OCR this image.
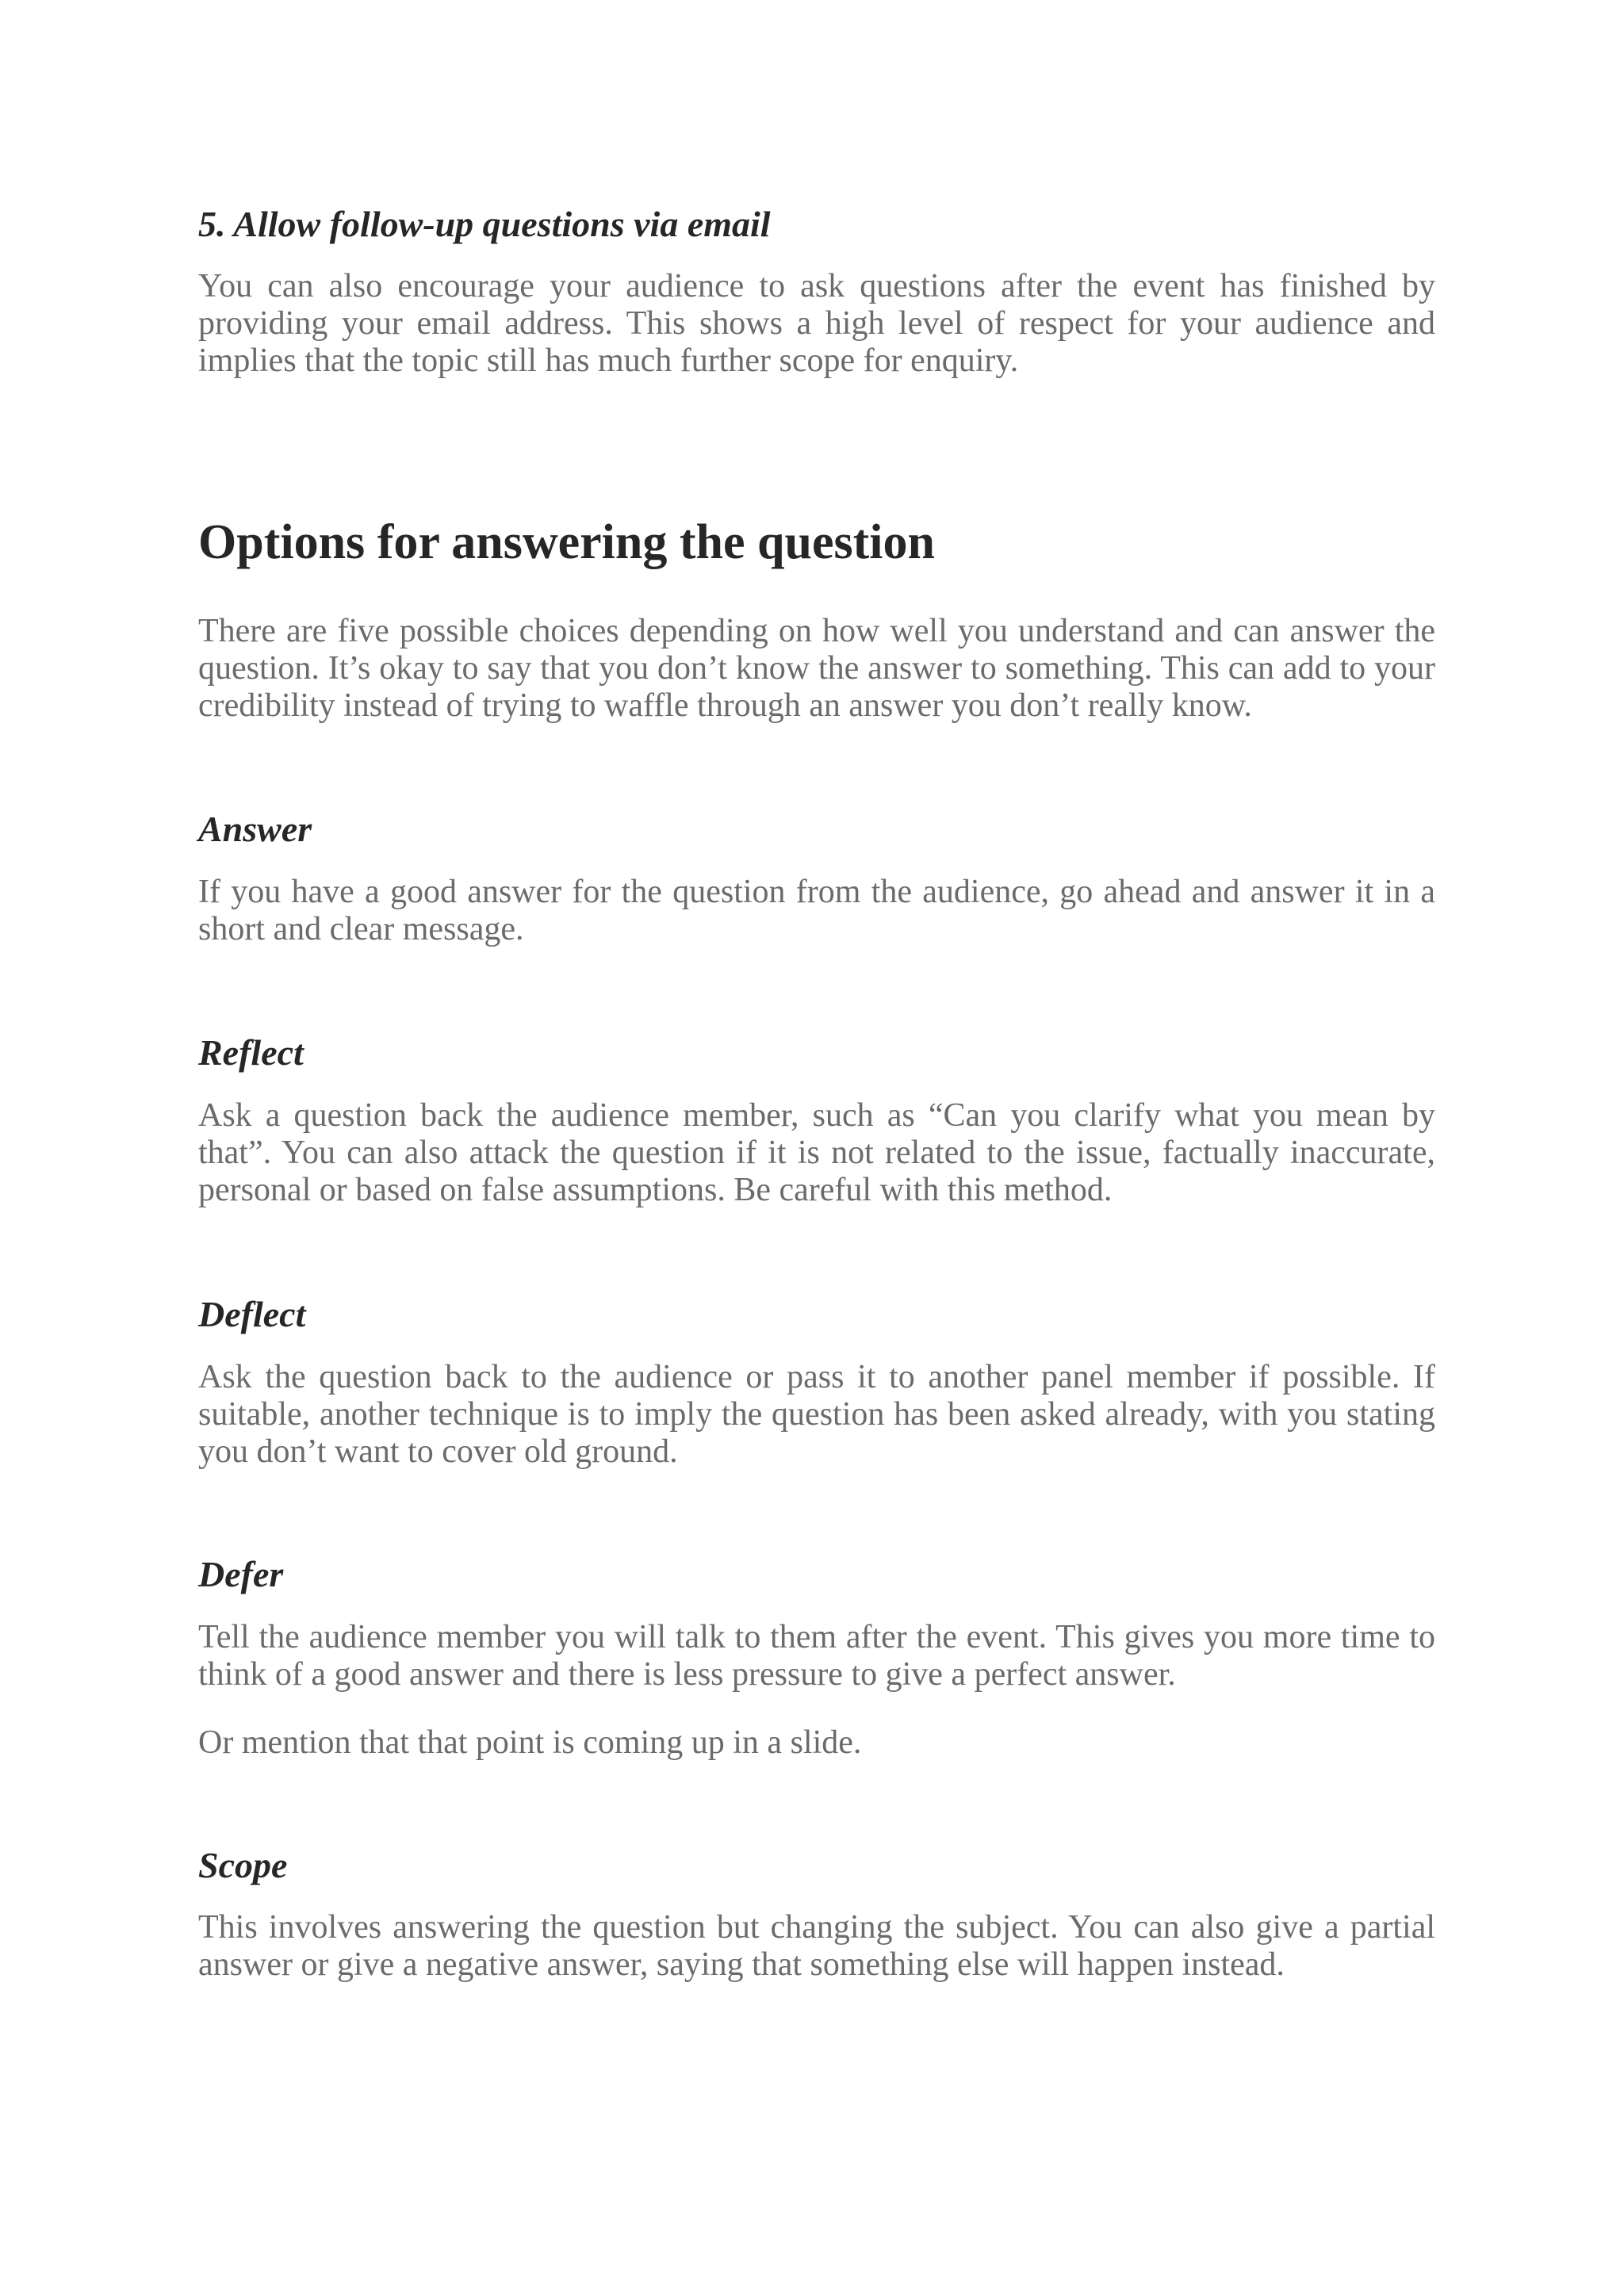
5. Allow follow-up questions via email

You can also encourage your audience to ask questions after the event has finished by providing your email address. This shows a high level of respect for your audience and implies that the topic still has much further scope for enquiry.

Options for answering the question

There are five possible choices depending on how well you understand and can answer the question. It’s okay to say that you don’t know the answer to something. This can add to your credibility instead of trying to waffle through an answer you don’t really know.

Answer

If you have a good answer for the question from the audience, go ahead and answer it in a short and clear message.

Reflect

Ask a question back the audience member, such as “Can you clarify what you mean by that”. You can also attack the question if it is not related to the issue, factually inaccurate, personal or based on false assumptions. Be careful with this method.

Deflect

Ask the question back to the audience or pass it to another panel member if possible. If suitable, another technique is to imply the question has been asked already, with you stating you don’t want to cover old ground.

Defer

Tell the audience member you will talk to them after the event. This gives you more time to think of a good answer and there is less pressure to give a perfect answer.

Or mention that that point is coming up in a slide.

Scope

This involves answering the question but changing the subject. You can also give a partial answer or give a negative answer, saying that something else will happen instead.
